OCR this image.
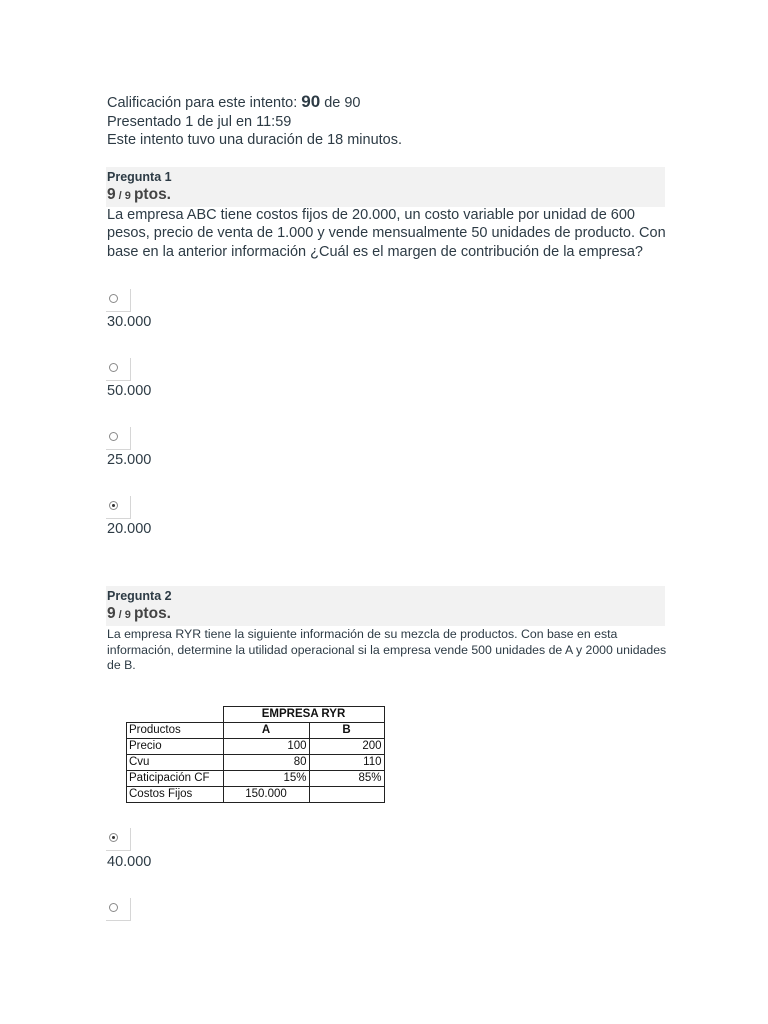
Calificación para este intento: 90 de 90
Presentado 1 de jul en 11:59
Este intento tuvo una duración de 18 minutos.
Pregunta 1
9 / 9 ptos.
La empresa ABC tiene costos fijos de 20.000, un costo variable por unidad de 600 pesos, precio de venta de 1.000 y vende mensualmente 50 unidades de producto. Con base en la anterior información ¿Cuál es el margen de contribución de la empresa?
30.000
50.000
25.000
20.000
Pregunta 2
9 / 9 ptos.
La empresa RYR tiene la siguiente información de su mezcla de productos. Con base en esta información, determine la utilidad operacional si la empresa vende 500 unidades de A y 2000 unidades de B.
	EMPRESA RYR	
Productos	A	B
Precio	100	200
Cvu	80	110
Paticipación CF	15%	85%
Costos Fijos	150.000	
40.000
